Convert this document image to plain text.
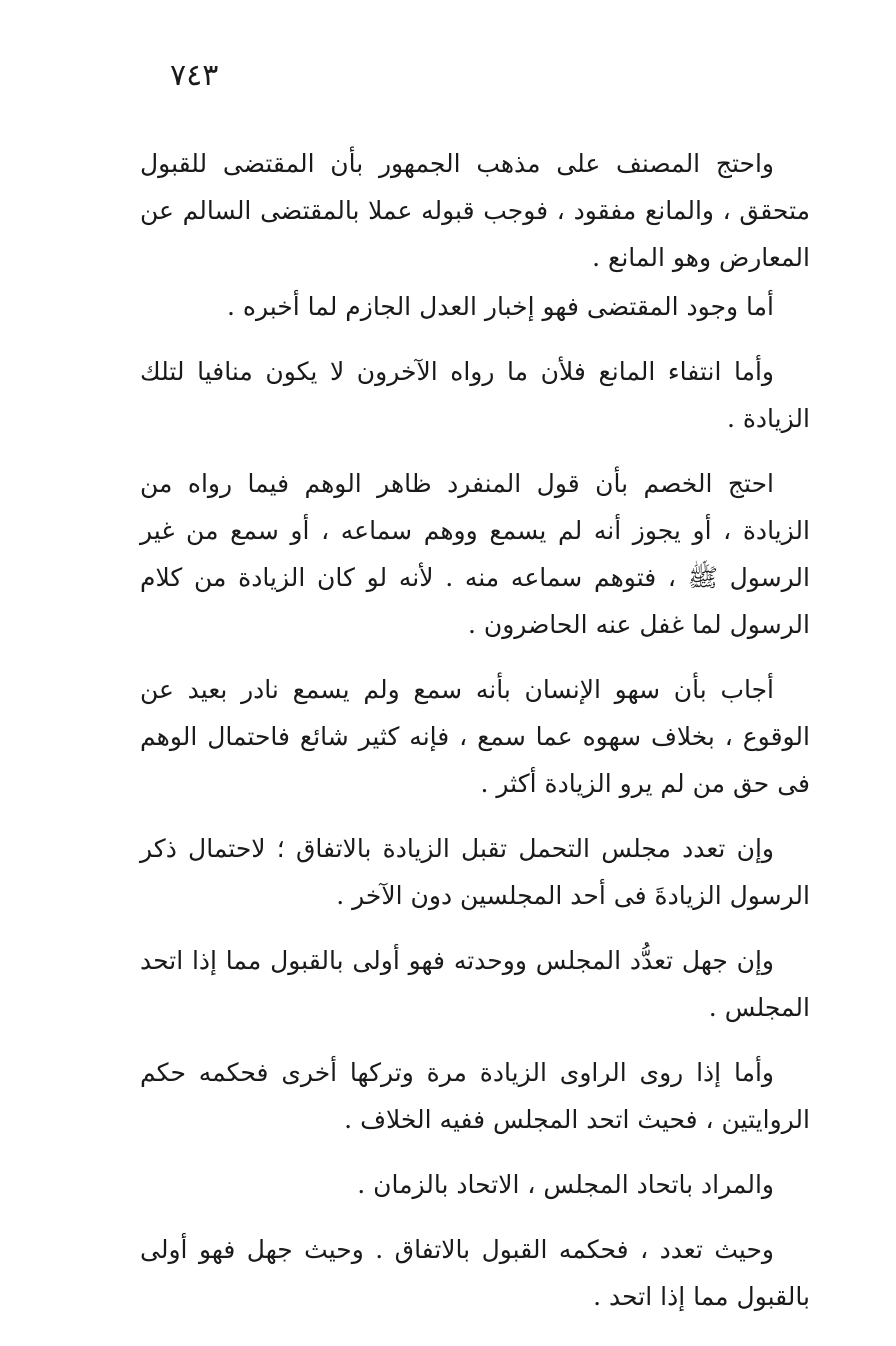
٧٤٣

واحتج المصنف على مذهب الجمهور بأن المقتضى للقبول متحقق ، والمانع مفقود ، فوجب قبوله عملا بالمقتضى السالم عن المعارض وهو المانع .

أما وجود المقتضى فهو إخبار العدل الجازم لما أخبره .

وأما انتفاء المانع فلأن ما رواه الآخرون لا يكون منافيا لتلك الزيادة .

احتج الخصم بأن قول المنفرد ظاهر الوهم فيما رواه من الزيادة ، أو يجوز أنه لم يسمع ووهم سماعه ، أو سمع من غير الرسول ﷺ ، فتوهم سماعه منه . لأنه لو كان الزيادة من كلام الرسول لما غفل عنه الحاضرون .

أجاب بأن سهو الإنسان بأنه سمع ولم يسمع نادر بعيد عن الوقوع ، بخلاف سهوه عما سمع ، فإنه كثير شائع فاحتمال الوهم فى حق من لم يرو الزيادة أكثر .

وإن تعدد مجلس التحمل تقبل الزيادة بالاتفاق ؛ لاحتمال ذكر الرسول الزيادةَ فى أحد المجلسين دون الآخر .

وإن جهل تعدُّد المجلس ووحدته فهو أولى بالقبول مما إذا اتحد المجلس .

وأما إذا روى الراوى الزيادة مرة وتركها أخرى فحكمه حكم الروايتين ، فحيث اتحد المجلس ففيه الخلاف .

والمراد باتحاد المجلس ، الاتحاد بالزمان .

وحيث تعدد ، فحكمه القبول بالاتفاق . وحيث جهل فهو أولى بالقبول مما إذا اتحد .
